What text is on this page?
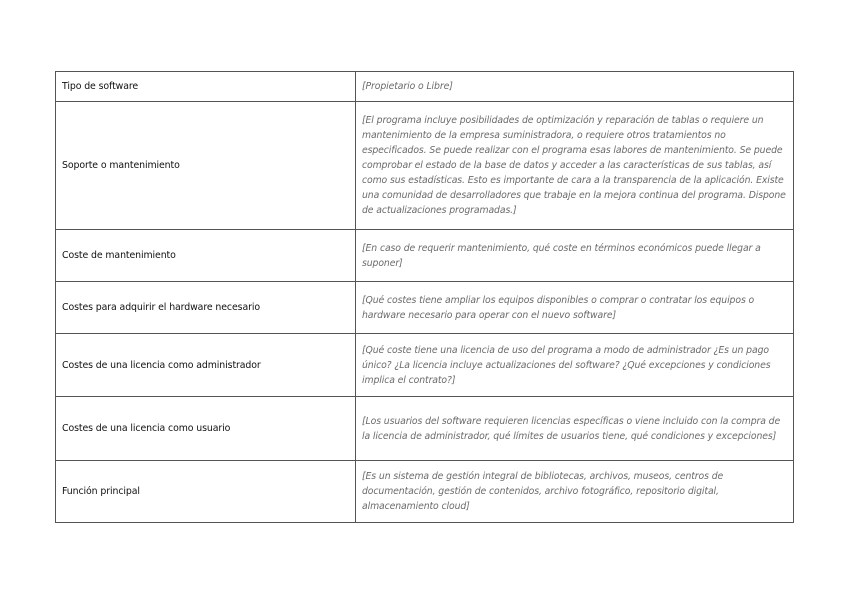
Tipo de software	[Propietario o Libre]
Soporte o mantenimiento	[El programa incluye posibilidades de optimización y reparación de tablas o requiere un mantenimiento de la empresa suministradora, o requiere otros tratamientos no especificados. Se puede realizar con el programa esas labores de mantenimiento. Se puede comprobar el estado de la base de datos y acceder a las características de sus tablas, así como sus estadísticas. Esto es importante de cara a la transparencia de la aplicación. Existe una comunidad de desarrolladores que trabaje en la mejora continua del programa. Dispone de actualizaciones programadas.]
Coste de mantenimiento	[En caso de requerir mantenimiento, qué coste en términos económicos puede llegar a suponer]
Costes para adquirir el hardware necesario	[Qué costes tiene ampliar los equipos disponibles o comprar o contratar los equipos o hardware necesario para operar con el nuevo software]
Costes de una licencia como administrador	[Qué coste tiene una licencia de uso del programa a modo de administrador ¿Es un pago único? ¿La licencia incluye actualizaciones del software? ¿Qué excepciones y condiciones implica el contrato?]
Costes de una licencia como usuario	[Los usuarios del software requieren licencias específicas o viene incluido con la compra de la licencia de administrador, qué límites de usuarios tiene, qué condiciones y excepciones]
Función principal	[Es un sistema de gestión integral de bibliotecas, archivos, museos, centros de documentación, gestión de contenidos, archivo fotográfico, repositorio digital, almacenamiento cloud]
